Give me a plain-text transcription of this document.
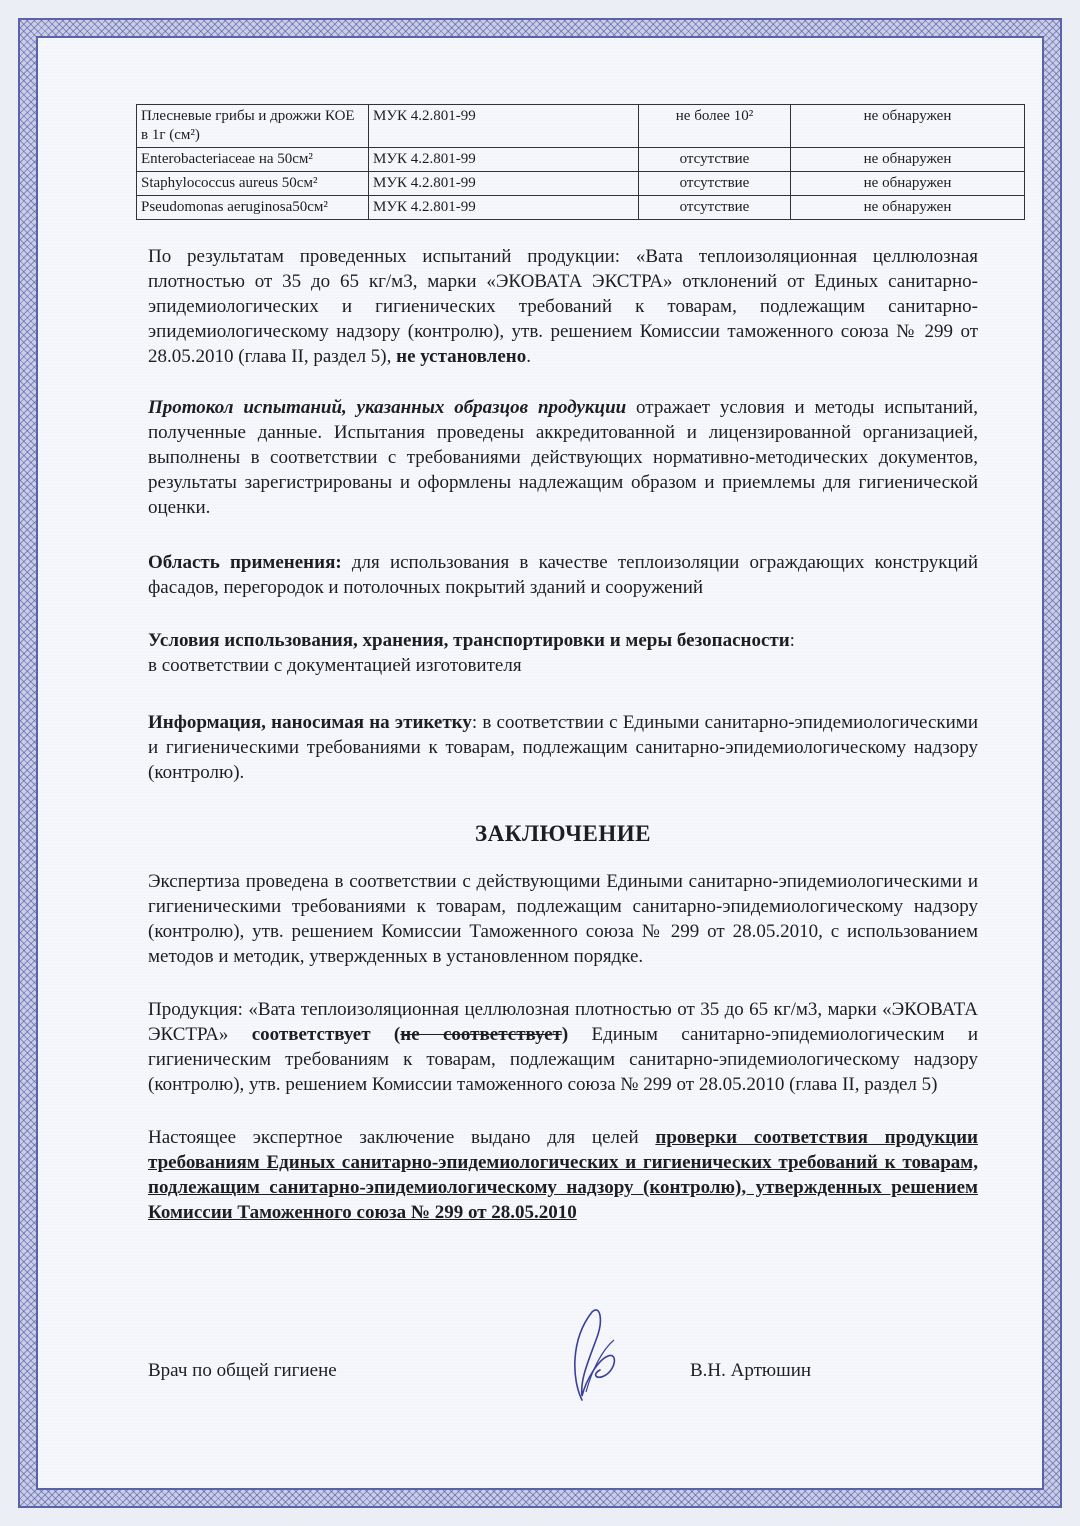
Плесневые грибы и дрожжи КОЕ в 1г (см²)	МУК 4.2.801-99	не более 10²	не обнаружен
Enterobacteriaceae на 50см²	МУК 4.2.801-99	отсутствие	не обнаружен
Staphylococcus aureus 50см²	МУК 4.2.801-99	отсутствие	не обнаружен
Pseudomonas aeruginosa50см²	МУК 4.2.801-99	отсутствие	не обнаружен

По результатам проведенных испытаний продукции: «Вата теплоизоляционная целлюлозная плотностью от 35 до 65 кг/м3, марки «ЭКОВАТА ЭКСТРА» отклонений от Единых санитарно-эпидемиологических и гигиенических требований к товарам, подлежащим санитарно-эпидемиологическому надзору (контролю), утв. решением Комиссии таможенного союза № 299 от 28.05.2010 (глава II, раздел 5), не установлено.

Протокол испытаний, указанных образцов продукции отражает условия и методы испытаний, полученные данные. Испытания проведены аккредитованной и лицензированной организацией, выполнены в соответствии с требованиями действующих нормативно-методических документов, результаты зарегистрированы и оформлены надлежащим образом и приемлемы для гигиенической оценки.

Область применения: для использования в качестве теплоизоляции ограждающих конструкций фасадов, перегородок и потолочных покрытий зданий и сооружений

Условия использования, хранения, транспортировки и меры безопасности:
в соответствии с документацией изготовителя

Информация, наносимая на этикетку: в соответствии с Едиными санитарно-эпидемиологическими и гигиеническими требованиями к товарам, подлежащим санитарно-эпидемиологическому надзору (контролю).

ЗАКЛЮЧЕНИЕ

Экспертиза проведена в соответствии с действующими Едиными санитарно-эпидемиологическими и гигиеническими требованиями к товарам, подлежащим санитарно-эпидемиологическому надзору (контролю), утв. решением Комиссии Таможенного союза № 299 от 28.05.2010, с использованием методов и методик, утвержденных в установленном порядке.

Продукция: «Вата теплоизоляционная целлюлозная плотностью от 35 до 65 кг/м3, марки «ЭКОВАТА ЭКСТРА» соответствует (не соответствует) Единым санитарно-эпидемиологическим и гигиеническим требованиям к товарам, подлежащим санитарно-эпидемиологическому надзору (контролю), утв. решением Комиссии таможенного союза № 299 от 28.05.2010 (глава II, раздел 5)

Настоящее экспертное заключение выдано для целей проверки соответствия продукции требованиям Единых санитарно-эпидемиологических и гигиенических требований к товарам, подлежащим санитарно-эпидемиологическому надзору (контролю), утвержденных решением Комиссии Таможенного союза № 299 от 28.05.2010

Врач по общей гигиене	В.Н. Артюшин
